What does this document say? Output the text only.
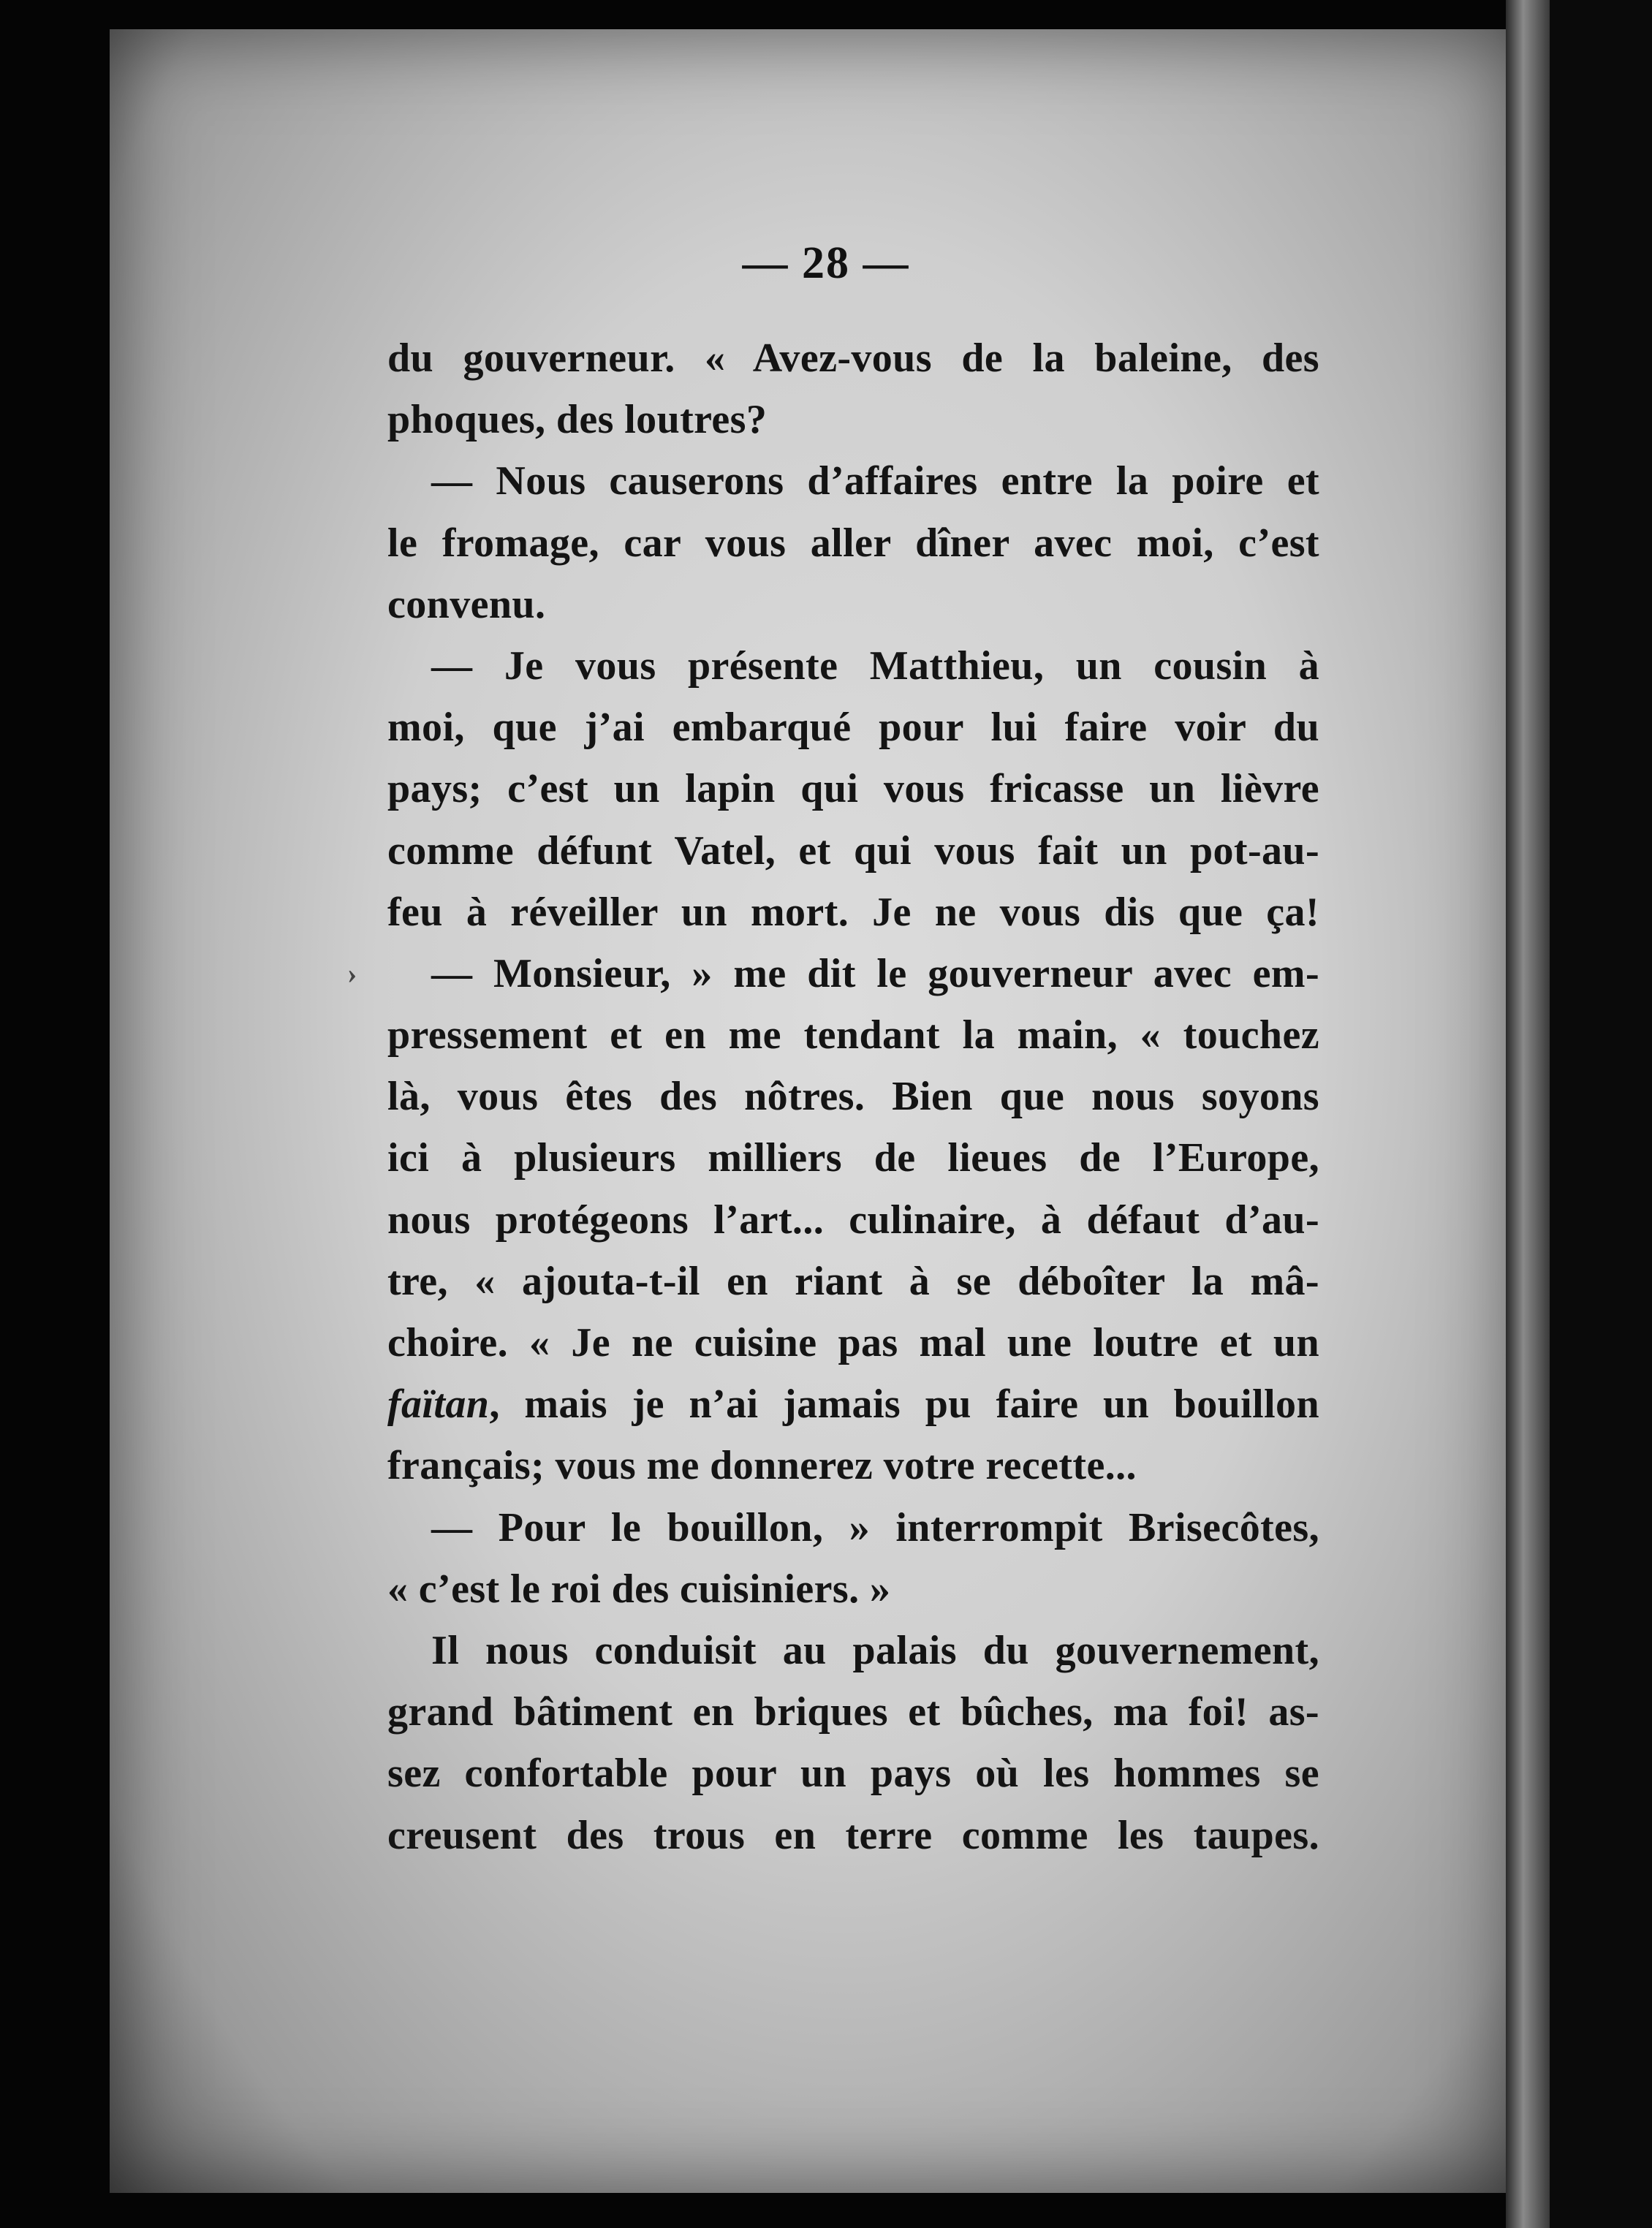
— 28 —
du gouverneur. « Avez-vous de la baleine, des
phoques, des loutres?
— Nous causerons d’affaires entre la poire et
le fromage, car vous aller dîner avec moi, c’est
convenu.
— Je vous présente Matthieu, un cousin à
moi, que j’ai embarqué pour lui faire voir du
pays; c’est un lapin qui vous fricasse un lièvre
comme défunt Vatel, et qui vous fait un pot-au-
feu à réveiller un mort. Je ne vous dis que ça!
› — Monsieur, » me dit le gouverneur avec em-
pressement et en me tendant la main, « touchez
là, vous êtes des nôtres. Bien que nous soyons
ici à plusieurs milliers de lieues de l’Europe,
nous protégeons l’art... culinaire, à défaut d’au-
tre, « ajouta-t-il en riant à se déboîter la mâ-
choire. « Je ne cuisine pas mal une loutre et un
faïtan, mais je n’ai jamais pu faire un bouillon
français; vous me donnerez votre recette...
— Pour le bouillon, » interrompit Brisecôtes,
« c’est le roi des cuisiniers. »
Il nous conduisit au palais du gouvernement,
grand bâtiment en briques et bûches, ma foi! as-
sez confortable pour un pays où les hommes se
creusent des trous en terre comme les taupes.
